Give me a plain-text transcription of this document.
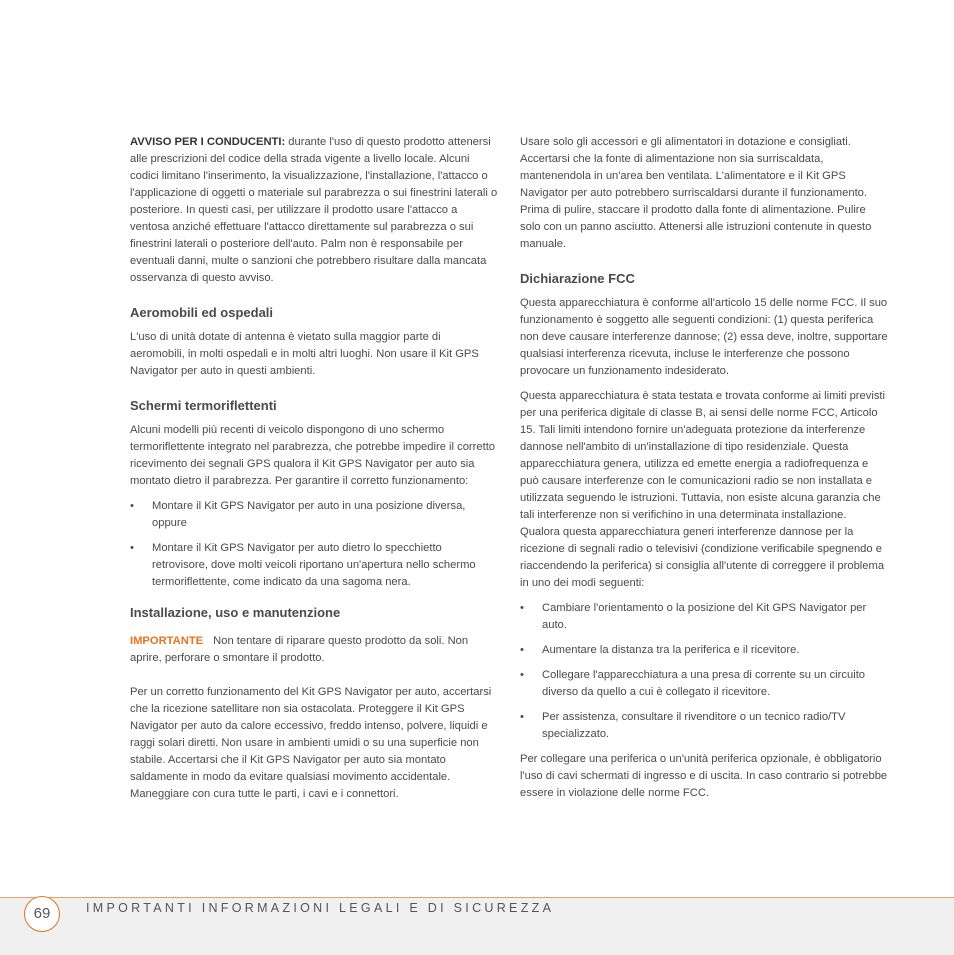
AVVISO PER I CONDUCENTI: durante l'uso di questo prodotto attenersi alle prescrizioni del codice della strada vigente a livello locale. Alcuni codici limitano l'inserimento, la visualizzazione, l'installazione, l'attacco o l'applicazione di oggetti o materiale sul parabrezza o sui finestrini laterali o posteriore. In questi casi, per utilizzare il prodotto usare l'attacco a ventosa anziché effettuare l'attacco direttamente sul parabrezza o sui finestrini laterali o posteriore dell'auto. Palm non è responsabile per eventuali danni, multe o sanzioni che potrebbero risultare dalla mancata osservanza di questo avviso.

Aeromobili ed ospedali

L'uso di unità dotate di antenna è vietato sulla maggior parte di aeromobili, in molti ospedali e in molti altri luoghi. Non usare il Kit GPS Navigator per auto in questi ambienti.

Schermi termoriflettenti

Alcuni modelli più recenti di veicolo dispongono di uno schermo termoriflettente integrato nel parabrezza, che potrebbe impedire il corretto ricevimento dei segnali GPS qualora il Kit GPS Navigator per auto sia montato dietro il parabrezza. Per garantire il corretto funzionamento:

• Montare il Kit GPS Navigator per auto in una posizione diversa, oppure
• Montare il Kit GPS Navigator per auto dietro lo specchietto retrovisore, dove molti veicoli riportano un'apertura nello schermo termoriflettente, come indicato da una sagoma nera.
Installazione, uso e manutenzione

IMPORTANTE Non tentare di riparare questo prodotto da soli. Non aprire, perforare o smontare il prodotto.

Per un corretto funzionamento del Kit GPS Navigator per auto, accertarsi che la ricezione satellitare non sia ostacolata. Proteggere il Kit GPS Navigator per auto da calore eccessivo, freddo intenso, polvere, liquidi e raggi solari diretti. Non usare in ambienti umidi o su una superficie non stabile. Accertarsi che il Kit GPS Navigator per auto sia montato saldamente in modo da evitare qualsiasi movimento accidentale. Maneggiare con cura tutte le parti, i cavi e i connettori.

Usare solo gli accessori e gli alimentatori in dotazione e consigliati. Accertarsi che la fonte di alimentazione non sia surriscaldata, mantenendola in un'area ben ventilata. L'alimentatore e il Kit GPS Navigator per auto potrebbero surriscaldarsi durante il funzionamento. Prima di pulire, staccare il prodotto dalla fonte di alimentazione. Pulire solo con un panno asciutto. Attenersi alle istruzioni contenute in questo manuale.

Dichiarazione FCC

Questa apparecchiatura è conforme all'articolo 15 delle norme FCC. Il suo funzionamento è soggetto alle seguenti condizioni: (1) questa periferica non deve causare interferenze dannose; (2) essa deve, inoltre, supportare qualsiasi interferenza ricevuta, incluse le interferenze che possono provocare un funzionamento indesiderato.

Questa apparecchiatura è stata testata e trovata conforme ai limiti previsti per una periferica digitale di classe B, ai sensi delle norme FCC, Articolo 15. Tali limiti intendono fornire un'adeguata protezione da interferenze dannose nell'ambito di un'installazione di tipo residenziale. Questa apparecchiatura genera, utilizza ed emette energia a radiofrequenza e può causare interferenze con le comunicazioni radio se non installata e utilizzata seguendo le istruzioni. Tuttavia, non esiste alcuna garanzia che tali interferenze non si verifichino in una determinata installazione. Qualora questa apparecchiatura generi interferenze dannose per la ricezione di segnali radio o televisivi (condizione verificabile spegnendo e riaccendendo la periferica) si consiglia all'utente di correggere il problema in uno dei modi seguenti:

• Cambiare l'orientamento o la posizione del Kit GPS Navigator per auto.
• Aumentare la distanza tra la periferica e il ricevitore.
• Collegare l'apparecchiatura a una presa di corrente su un circuito diverso da quello a cui è collegato il ricevitore.
• Per assistenza, consultare il rivenditore o un tecnico radio/TV specializzato.

Per collegare una periferica o un'unità periferica opzionale, è obbligatorio l'uso di cavi schermati di ingresso e di uscita. In caso contrario si potrebbe essere in violazione delle norme FCC.

69	IMPORTANTI INFORMAZIONI LEGALI E DI SICUREZZA
